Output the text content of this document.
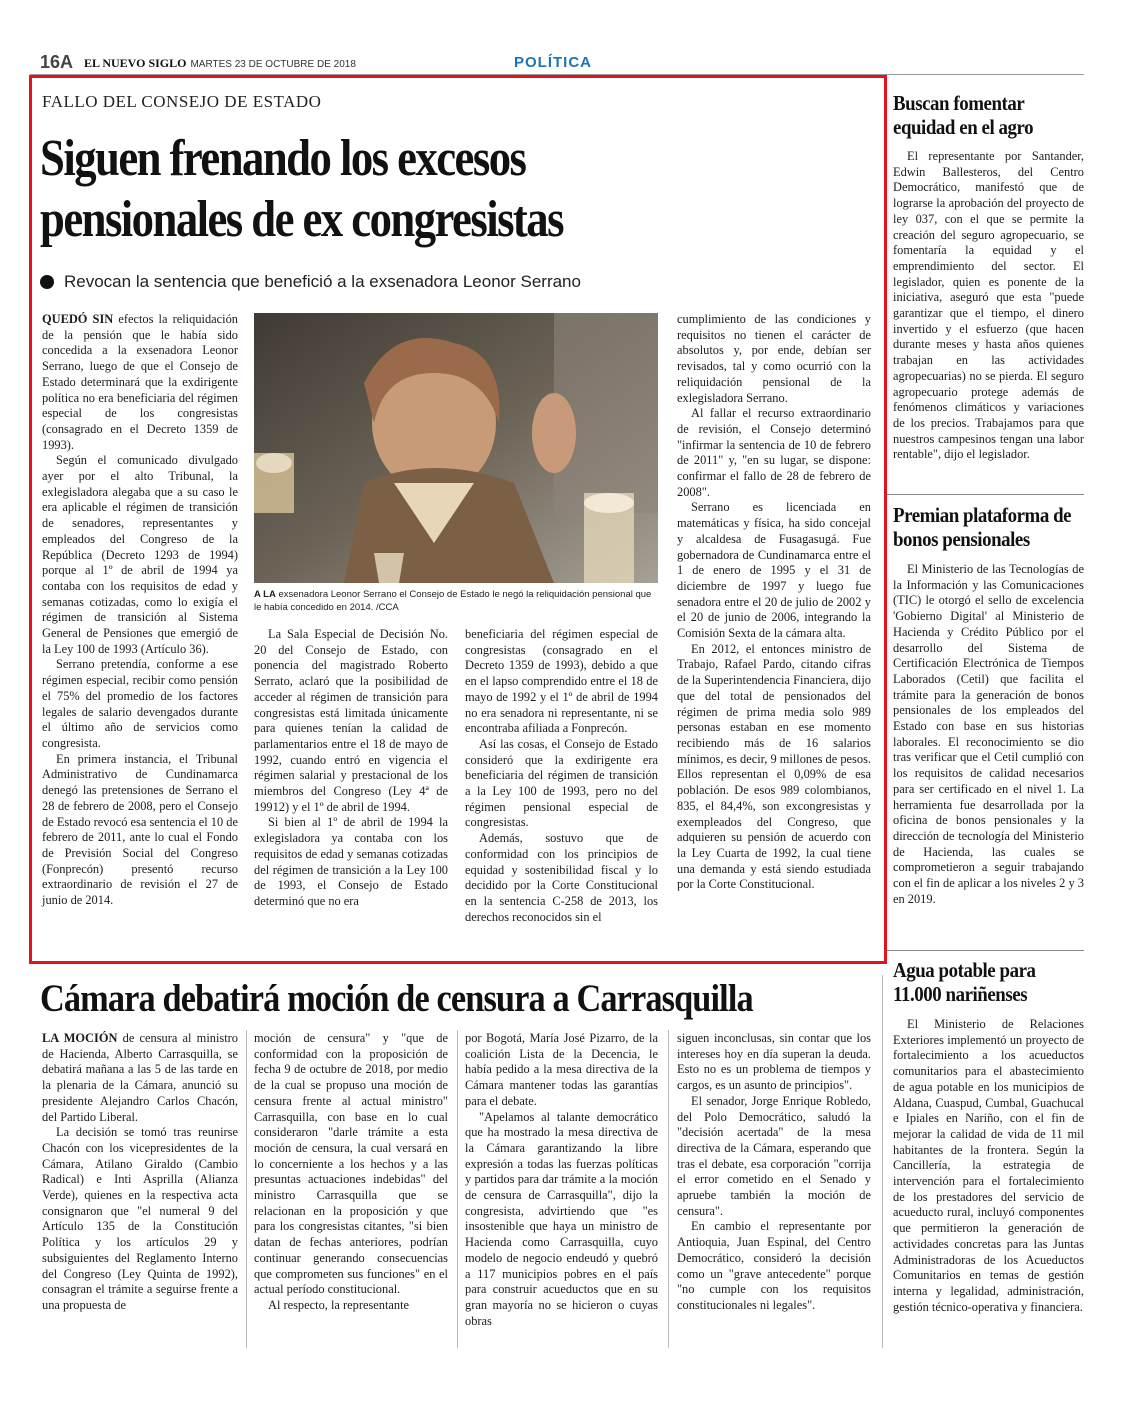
16A EL NUEVO SIGLO MARTES 23 DE OCTUBRE DE 2018	POLÍTICA
FALLO DEL CONSEJO DE ESTADO
Siguen frenando los excesos
pensionales de ex congresistas
Revocan la sentencia que benefició a la exsenadora Leonor Serrano

QUEDÓ SIN efectos la reliquidación de la pensión que le había sido concedida a la exsenadora Leonor Serrano, luego de que el Consejo de Estado determinará que la exdirigente política no era beneficiaria del régimen especial de los congresistas (consagrado en el Decreto 1359 de 1993).

Según el comunicado divulgado ayer por el alto Tribunal, la exlegisladora alegaba que a su caso le era aplicable el régimen de transición de senadores, representantes y empleados del Congreso de la República (Decreto 1293 de 1994) porque al 1º de abril de 1994 ya contaba con los requisitos de edad y semanas cotizadas, como lo exigía el régimen de transición al Sistema General de Pensiones que emergió de la Ley 100 de 1993 (Artículo 36).

Serrano pretendía, conforme a ese régimen especial, recibir como pensión el 75% del promedio de los factores legales de salario devengados durante el último año de servicios como congresista.

En primera instancia, el Tribunal Administrativo de Cundinamarca denegó las pretensiones de Serrano el 28 de febrero de 2008, pero el Consejo de Estado revocó esa sentencia el 10 de febrero de 2011, ante lo cual el Fondo de Previsión Social del Congreso (Fonprecón) presentó recurso extraordinario de revisión el 27 de junio de 2014.

A LA exsenadora Leonor Serrano el Consejo de Estado le negó la reliquidación pensional que le había concedido en 2014. /CCA

La Sala Especial de Decisión No. 20 del Consejo de Estado, con ponencia del magistrado Roberto Serrato, aclaró que la posibilidad de acceder al régimen de transición para congresistas está limitada únicamente para quienes tenían la calidad de parlamentarios entre el 18 de mayo de 1992, cuando entró en vigencia el régimen salarial y prestacional de los miembros del Congreso (Ley 4ª de 19912) y el 1º de abril de 1994.

Si bien al 1º de abril de 1994 la exlegisladora ya contaba con los requisitos de edad y semanas cotizadas del régimen de transición a la Ley 100 de 1993, el Consejo de Estado determinó que no era

beneficiaria del régimen especial de congresistas (consagrado en el Decreto 1359 de 1993), debido a que en el lapso comprendido entre el 18 de mayo de 1992 y el 1º de abril de 1994 no era senadora ni representante, ni se encontraba afiliada a Fonprecón.

Así las cosas, el Consejo de Estado consideró que la exdirigente era beneficiaria del régimen de transición a la Ley 100 de 1993, pero no del régimen pensional especial de congresistas.

Además, sostuvo que de conformidad con los principios de equidad y sostenibilidad fiscal y lo decidido por la Corte Constitucional en la sentencia C-258 de 2013, los derechos reconocidos sin el

cumplimiento de las condiciones y requisitos no tienen el carácter de absolutos y, por ende, debían ser revisados, tal y como ocurrió con la reliquidación pensional de la exlegisladora Serrano.

Al fallar el recurso extraordinario de revisión, el Consejo determinó "infirmar la sentencia de 10 de febrero de 2011" y, "en su lugar, se dispone: confirmar el fallo de 28 de febrero de 2008".

Serrano es licenciada en matemáticas y física, ha sido concejal y alcaldesa de Fusagasugá. Fue gobernadora de Cundinamarca entre el 1 de enero de 1995 y el 31 de diciembre de 1997 y luego fue senadora entre el 20 de julio de 2002 y el 20 de junio de 2006, integrando la Comisión Sexta de la cámara alta.

En 2012, el entonces ministro de Trabajo, Rafael Pardo, citando cifras de la Superintendencia Financiera, dijo que del total de pensionados del régimen de prima media solo 989 personas estaban en ese momento recibiendo más de 16 salarios mínimos, es decir, 9 millones de pesos. Ellos representan el 0,09% de esa población. De esos 989 colombianos, 835, el 84,4%, son excongresistas y exempleados del Congreso, que adquieren su pensión de acuerdo con la Ley Cuarta de 1992, la cual tiene una demanda y está siendo estudiada por la Corte Constitucional.

Buscan fomentar equidad en el agro

El representante por Santander, Edwin Ballesteros, del Centro Democrático, manifestó que de lograrse la aprobación del proyecto de ley 037, con el que se permite la creación del seguro agropecuario, se fomentaría la equidad y el emprendimiento del sector. El legislador, quien es ponente de la iniciativa, aseguró que esta "puede garantizar que el tiempo, el dinero invertido y el esfuerzo (que hacen durante meses y hasta años quienes trabajan en las actividades agropecuarias) no se pierda. El seguro agropecuario protege además de fenómenos climáticos y variaciones de los precios. Trabajamos para que nuestros campesinos tengan una labor rentable", dijo el legislador.

Premian plataforma de bonos pensionales

El Ministerio de las Tecnologías de la Información y las Comunicaciones (TIC) le otorgó el sello de excelencia 'Gobierno Digital' al Ministerio de Hacienda y Crédito Público por el desarrollo del Sistema de Certificación Electrónica de Tiempos Laborados (Cetil) que facilita el trámite para la generación de bonos pensionales de los empleados del Estado con base en sus historias laborales. El reconocimiento se dio tras verificar que el Cetil cumplió con los requisitos de calidad necesarios para ser certificado en el nivel 1. La herramienta fue desarrollada por la oficina de bonos pensionales y la dirección de tecnología del Ministerio de Hacienda, las cuales se comprometieron a seguir trabajando con el fin de aplicar a los niveles 2 y 3 en 2019.

Agua potable para 11.000 nariñenses

El Ministerio de Relaciones Exteriores implementó un proyecto de fortalecimiento a los acueductos comunitarios para el abastecimiento de agua potable en los municipios de Aldana, Cuaspud, Cumbal, Guachucal e Ipiales en Nariño, con el fin de mejorar la calidad de vida de 11 mil habitantes de la frontera. Según la Cancillería, la estrategia de intervención para el fortalecimiento de los prestadores del servicio de acueducto rural, incluyó componentes que permitieron la generación de actividades concretas para las Juntas Administradoras de los Acueductos Comunitarios en temas de gestión interna y legalidad, administración, gestión técnico-operativa y financiera.

Cámara debatirá moción de censura a Carrasquilla

LA MOCIÓN de censura al ministro de Hacienda, Alberto Carrasquilla, se debatirá mañana a las 5 de las tarde en la plenaria de la Cámara, anunció su presidente Alejandro Carlos Chacón, del Partido Liberal.

La decisión se tomó tras reunirse Chacón con los vicepresidentes de la Cámara, Atilano Giraldo (Cambio Radical) e Inti Asprilla (Alianza Verde), quienes en la respectiva acta consignaron que "el numeral 9 del Artículo 135 de la Constitución Política y los artículos 29 y subsiguientes del Reglamento Interno del Congreso (Ley Quinta de 1992), consagran el trámite a seguirse frente a una propuesta de

moción de censura" y "que de conformidad con la proposición de fecha 9 de octubre de 2018, por medio de la cual se propuso una moción de censura frente al actual ministro" Carrasquilla, con base en lo cual consideraron "darle trámite a esta moción de censura, la cual versará en lo concerniente a los hechos y a las presuntas actuaciones indebidas" del ministro Carrasquilla que se relacionan en la proposición y que para los congresistas citantes, "si bien datan de fechas anteriores, podrían continuar generando consecuencias que comprometen sus funciones" en el actual período constitucional.

Al respecto, la representante

por Bogotá, María José Pizarro, de la coalición Lista de la Decencia, le había pedido a la mesa directiva de la Cámara mantener todas las garantías para el debate.

"Apelamos al talante democrático que ha mostrado la mesa directiva de la Cámara garantizando la libre expresión a todas las fuerzas políticas y partidos para dar trámite a la moción de censura de Carrasquilla", dijo la congresista, advirtiendo que "es insostenible que haya un ministro de Hacienda como Carrasquilla, cuyo modelo de negocio endeudó y quebró a 117 municipios pobres en el país para construir acueductos que en su gran mayoría no se hicieron o cuyas obras

siguen inconclusas, sin contar que los intereses hoy en día superan la deuda. Esto no es un problema de tiempos y cargos, es un asunto de principios".

El senador, Jorge Enrique Robledo, del Polo Democrático, saludó la "decisión acertada" de la mesa directiva de la Cámara, esperando que tras el debate, esa corporación "corrija el error cometido en el Senado y apruebe también la moción de censura".

En cambio el representante por Antioquia, Juan Espinal, del Centro Democrático, consideró la decisión como un "grave antecedente" porque "no cumple con los requisitos constitucionales ni legales".
